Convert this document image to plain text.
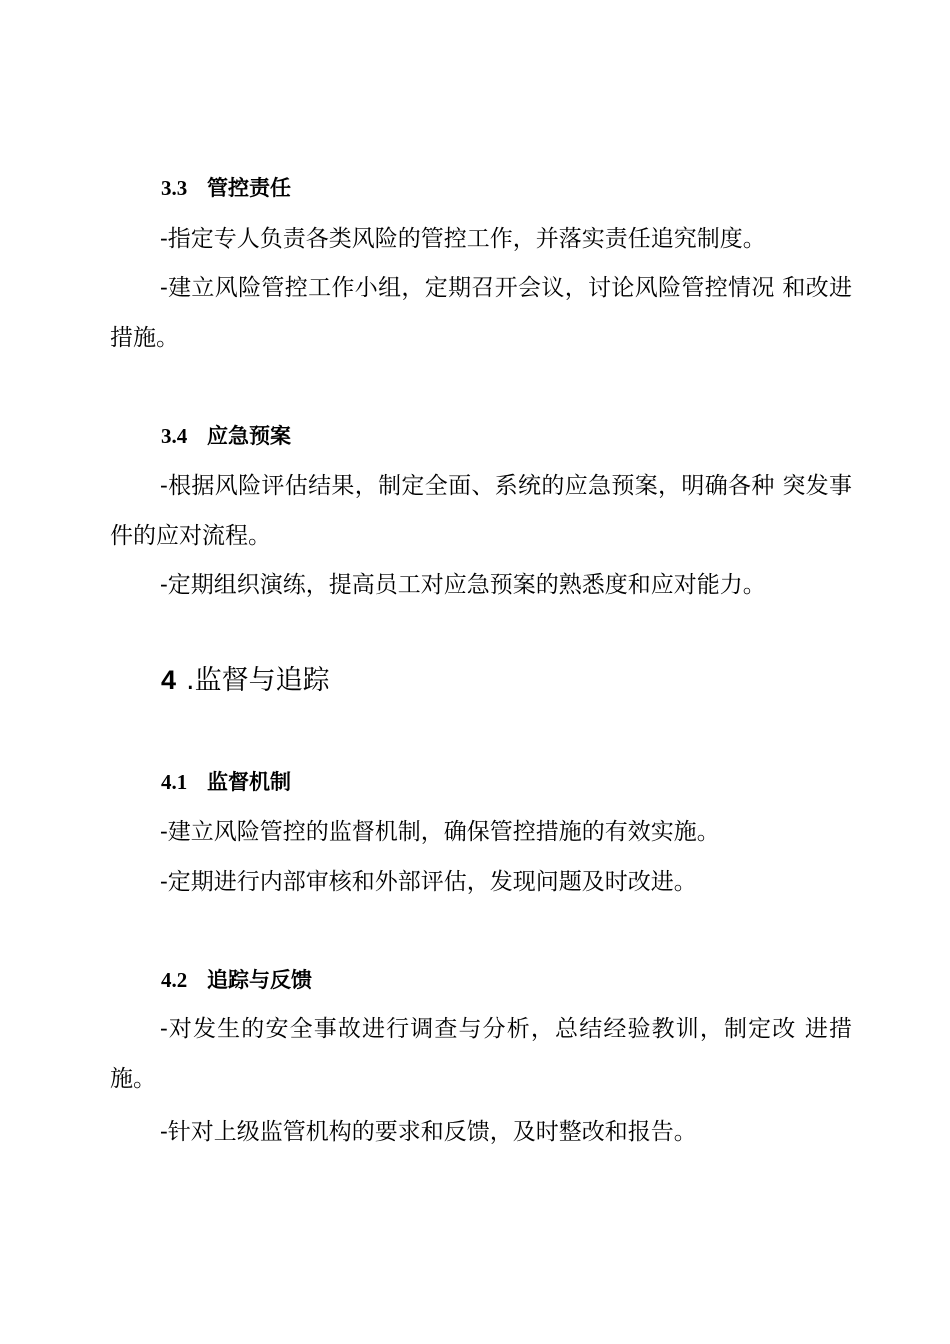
3.3 管控责任

-指定专人负责各类风险的管控工作，并落实责任追究制度。

-建立风险管控工作小组，定期召开会议，讨论风险管控情况 和改进措施。

3.4 应急预案

-根据风险评估结果，制定全面、系统的应急预案，明确各种 突发事件的应对流程。

-定期组织演练，提高员工对应急预案的熟悉度和应对能力。

4 .监督与追踪
4.1 监督机制

-建立风险管控的监督机制，确保管控措施的有效实施。

-定期进行内部审核和外部评估，发现问题及时改进。

4.2 追踪与反馈

-对发生的安全事故进行调查与分析，总结经验教训，制定改 进措施。

-针对上级监管机构的要求和反馈，及时整改和报告。
